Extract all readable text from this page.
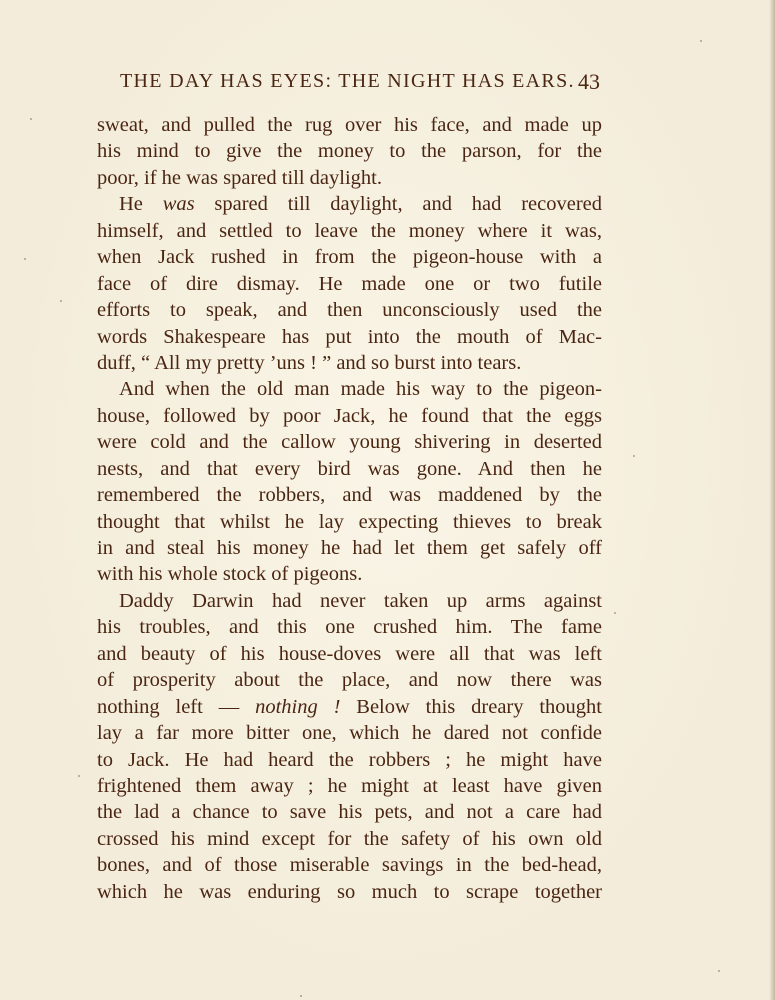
THE DAY HAS EYES: THE NIGHT HAS EARS. 43
sweat, and pulled the rug over his face, and made up
his mind to give the money to the parson, for the
poor, if he was spared till daylight.
He was spared till daylight, and had recovered
himself, and settled to leave the money where it was,
when Jack rushed in from the pigeon-house with a
face of dire dismay. He made one or two futile
efforts to speak, and then unconsciously used the
words Shakespeare has put into the mouth of Mac-
duff, “ All my pretty ’uns ! ” and so burst into tears.
And when the old man made his way to the pigeon-
house, followed by poor Jack, he found that the eggs
were cold and the callow young shivering in deserted
nests, and that every bird was gone. And then he
remembered the robbers, and was maddened by the
thought that whilst he lay expecting thieves to break
in and steal his money he had let them get safely off
with his whole stock of pigeons.
Daddy Darwin had never taken up arms against
his troubles, and this one crushed him. The fame
and beauty of his house-doves were all that was left
of prosperity about the place, and now there was
nothing left — nothing ! Below this dreary thought
lay a far more bitter one, which he dared not confide
to Jack. He had heard the robbers ; he might have
frightened them away ; he might at least have given
the lad a chance to save his pets, and not a care had
crossed his mind except for the safety of his own old
bones, and of those miserable savings in the bed-head,
which he was enduring so much to scrape together
